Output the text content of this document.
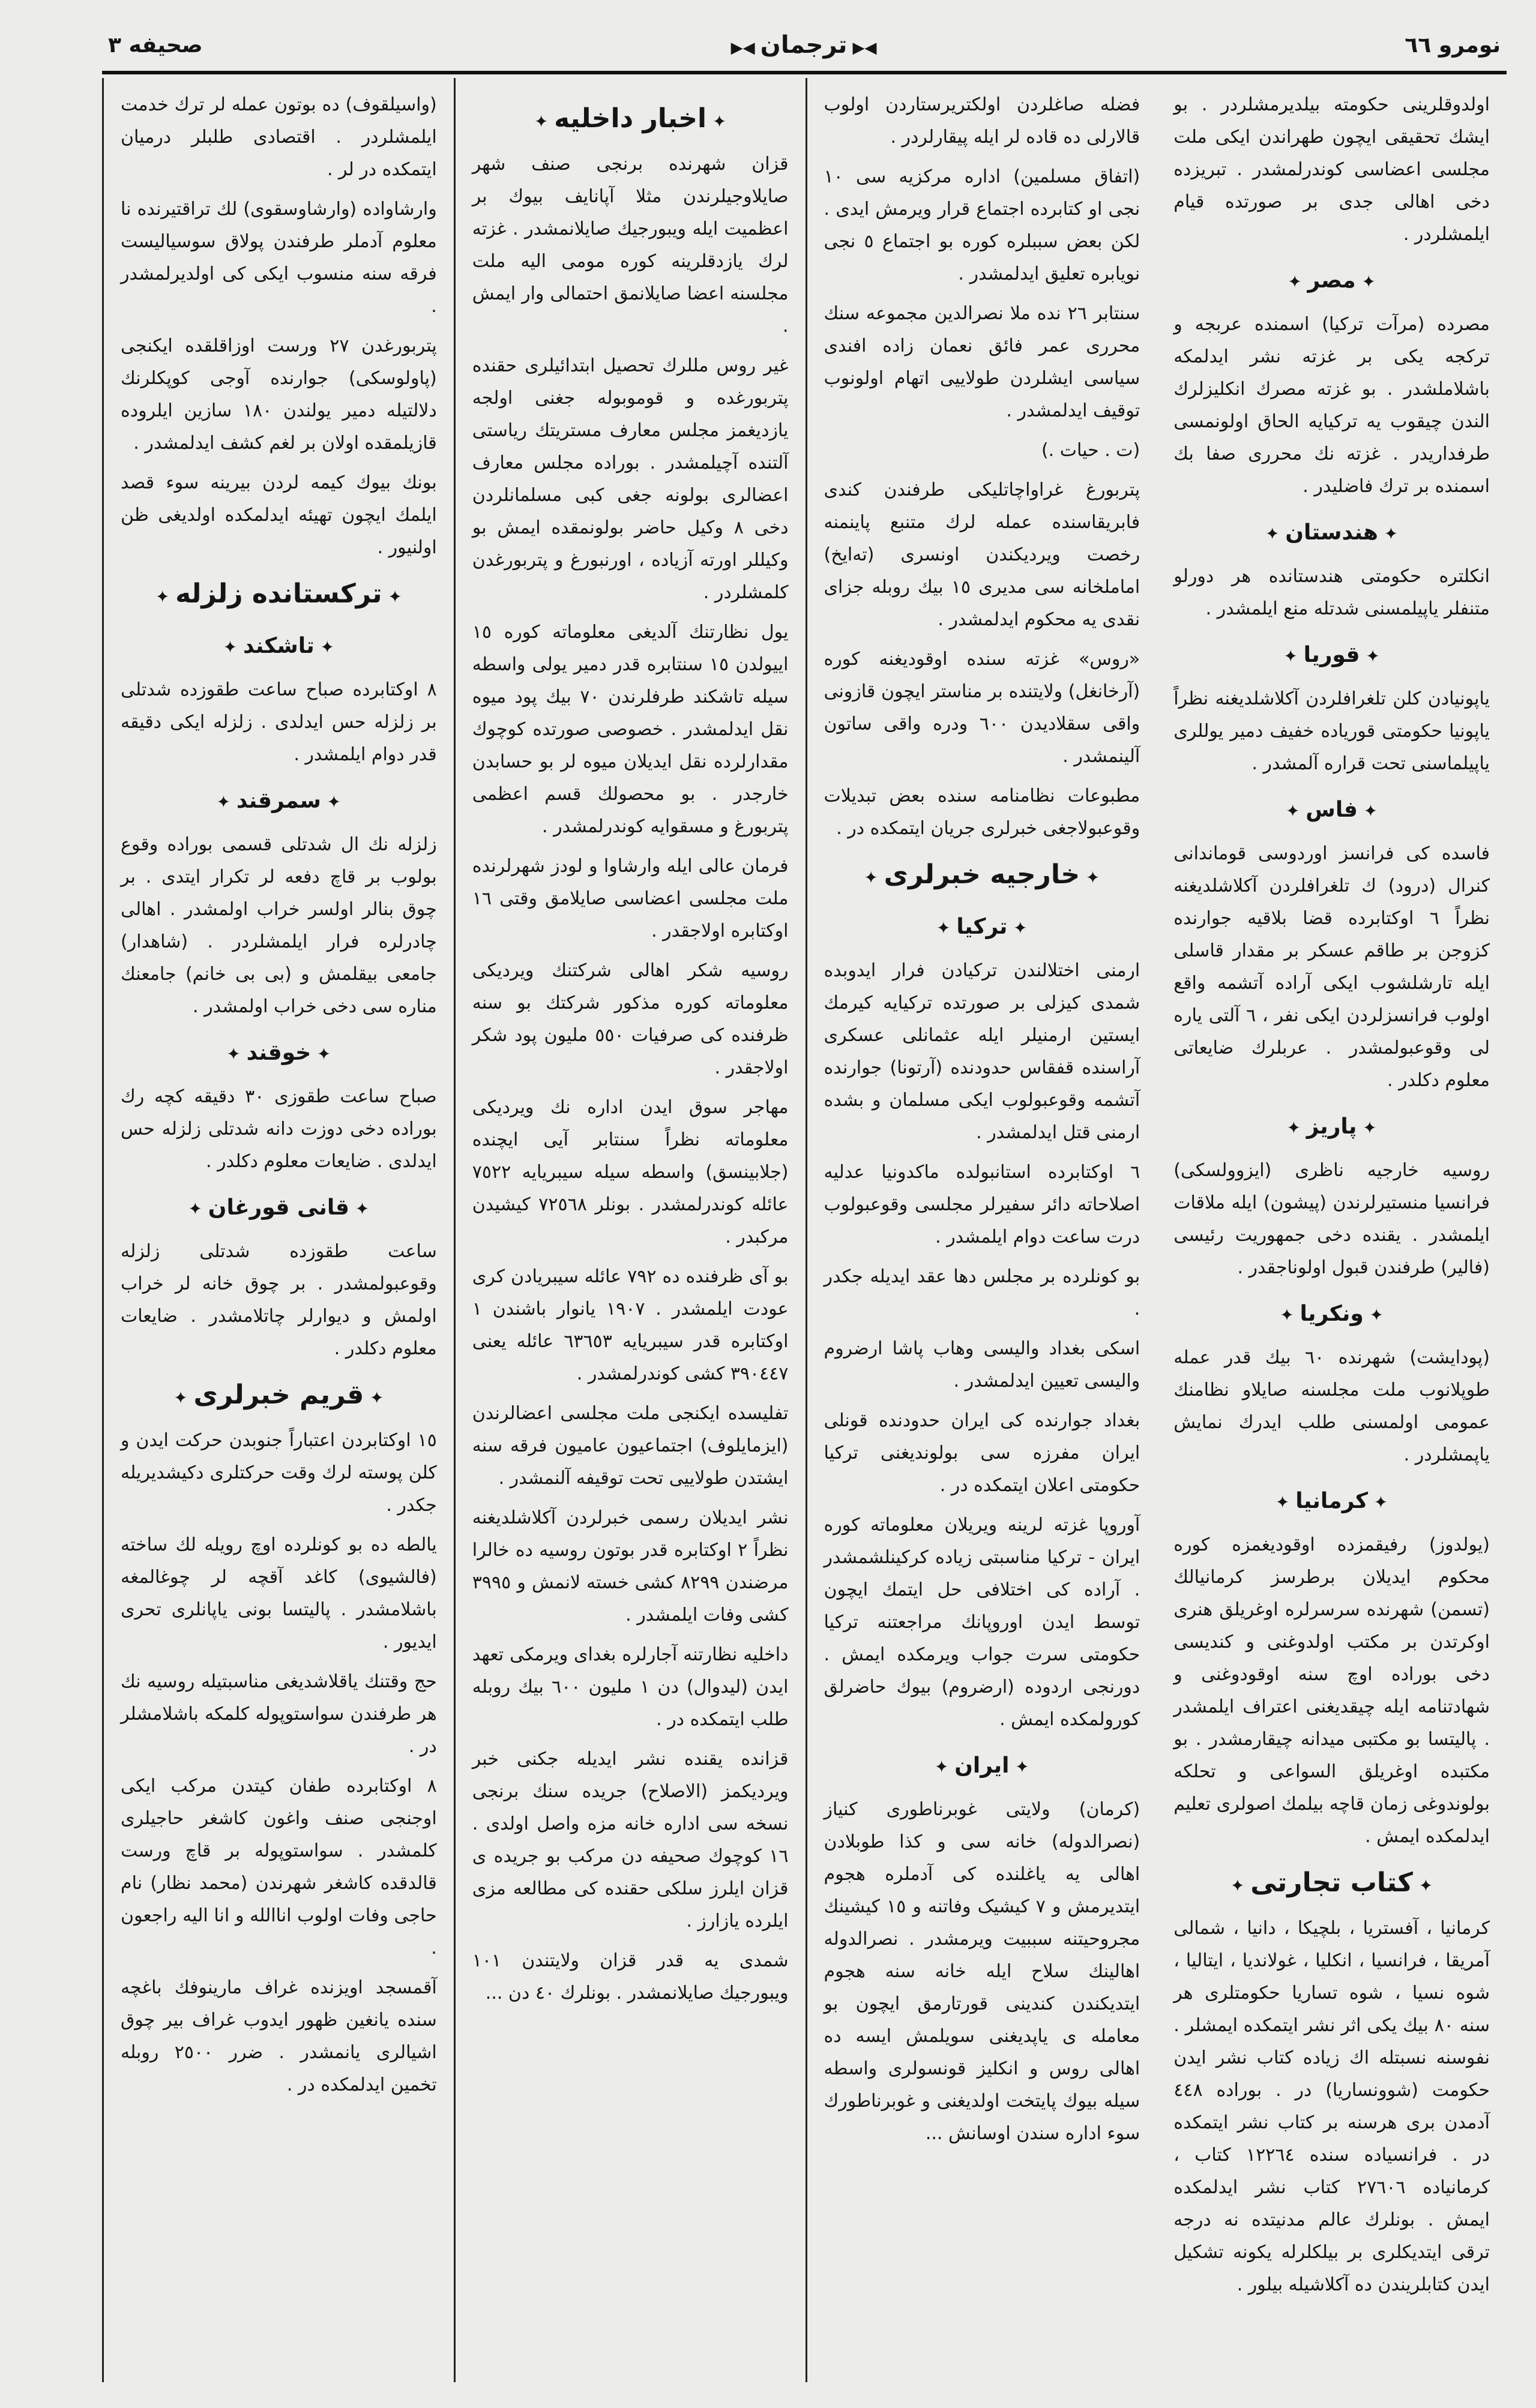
نومرو ٦٦
◀▶ ترجمان ◀▶
صحیفه ٣

(واسیلقوف) ده بوتون عمله لر ترك خدمت ایلمشلردر . اقتصادی طلبلر درمیان ایتمکده در لر .

وارشاواده (وارشاوسقوی) لك تراقتیرنده نا معلوم آدملر طرفندن پولاق سوسیالیست فرقه سنه منسوب ایکی کی اولدیرلمشدر .

پتربورغدن ٢٧ ورست اوزاقلقده ایکنجی (پاولوسکی) جوارنده آوجی کوپکلرنك دلالتیله دمیر یولندن ١٨٠ سازین ایلروده قازیلمقده اولان بر لغم کشف ایدلمشدر .

بونك بیوك کیمه لردن بیرینه سوء قصد ایلمك ایچون تهیئه ایدلمکده اولدیغی ظن اولنیور .

✦ ترکستانده زلزله ✦
✦ تاشکند ✦

٨ اوکتابرده صباح ساعت طقوزده شدتلی بر زلزله حس ایدلدی . زلزله ایکی دقیقه قدر دوام ایلمشدر .

✦ سمرقند ✦

زلزله نك ال شدتلی قسمی بوراده وقوع بولوب بر قاچ دفعه لر تکرار ایتدی . بر چوق بنالر اولسر خراب اولمشدر . اهالی چادرلره فرار ایلمشلردر . (شاهدار) جامعی بیقلمش و (بی بی خانم) جامعنك مناره سی دخی خراب اولمشدر .

✦ خوقند ✦

صباح ساعت طقوزی ٣٠ دقیقه کچه رك بوراده دخی دوزت دانه شدتلی زلزله حس ایدلدی . ضایعات معلوم دکلدر .

✦ قانی قورغان ✦

ساعت طقوزده شدتلی زلزله وقوعبولمشدر . بر چوق خانه لر خراب اولمش و دیوارلر چاتلامشدر . ضایعات معلوم دکلدر .

✦ قریم خبرلری ✦

١٥ اوکتابردن اعتباراً جنوبدن حرکت ایدن و کلن پوسته لرك وقت حرکتلری دکیشدیریله جکدر .

یالطه ده بو کونلرده اوچ رویله لك ساخته (فالشیوی) کاغد آقچه لر چوغالمغه باشلامشدر . پالیتسا بونی یاپانلری تحری ایدیور .

حج وقتنك یاقلاشدیغی مناسبتیله روسیه نك هر طرفندن سواستوپوله کلمکه باشلامشلر در .

٨ اوکتابرده طفان کیتدن مرکب ایکی اوجنجی صنف واغون کاشغر حاجیلری کلمشدر . سواستوپوله بر قاچ ورست قالدقده کاشغر شهرندن (محمد نظار) نام حاجی وفات اولوب اناالله و انا الیه راجعون .

آقمسجد اویزنده غراف مارینوفك باغچه سنده یانغین ظهور ایدوب غراف بیر چوق اشیالری یانمشدر . ضرر ٢٥٠٠ روبله تخمین ایدلمکده در .

✦ اخبار داخلیه ✦

قزان شهرنده برنجی صنف شهر صایلاوجیلرندن مثلا آپانایف بیوك بر اعظمیت ایله ویبورجیك صایلانمشدر . غزته لرك یازدقلرینه کوره مومی الیه ملت مجلسنه اعضا صایلانمق احتمالی وار ایمش .

غیر روس مللرك تحصیل ابتدائیلری حقنده پتربورغده و قوموبوله جغنی اولجه یازدیغمز مجلس معارف مستریتك ریاستی آلتنده آچیلمشدر . بوراده مجلس معارف اعضالری بولونه جغی کبی مسلمانلردن دخی ٨ وکیل حاضر بولونمقده ایمش بو وکیللر اورته آزیاده ، اورنبورغ و پتربورغدن کلمشلردر .

یول نظارتنك آلدیغی معلوماته کوره ١٥ اییولدن ١٥ سنتابره قدر دمیر یولی واسطه سیله تاشکند طرفلرندن ٧٠ بیك پود میوه نقل ایدلمشدر . خصوصی صورتده کوچوك مقدارلرده نقل ایدیلان میوه لر بو حسابدن خارجدر . بو محصولك قسم اعظمی پتربورغ و مسقوایه کوندرلمشدر .

فرمان عالی ایله وارشاوا و لودز شهرلرنده ملت مجلسی اعضاسی صایلامق وقتی ١٦ اوکتابره اولاجقدر .

روسیه شکر اهالی شرکتنك ویردیکی معلوماته کوره مذکور شرکتك بو سنه ظرفنده کی صرفیات ٥٥٠ ملیون پود شکر اولاجقدر .

مهاجر سوق ایدن اداره نك ویردیکی معلوماته نظراً سنتابر آیی ایچنده (جلابینسق) واسطه سیله سیبریایه ٧٥٢٢ عائله کوندرلمشدر . بونلر ٧٢٥٦٨ کیشیدن مرکبدر .

بو آی ظرفنده ده ٧٩٢ عائله سیبریادن کری عودت ایلمشدر . ١٩٠٧ یانوار باشندن ١ اوکتابره قدر سیبریایه ٦٣٦٥٣ عائله یعنی ٣٩٠٤٤٧ کشی کوندرلمشدر .

تفلیسده ایکنجی ملت مجلسی اعضالرندن (ایزمایلوف) اجتماعیون عامیون فرقه سنه ایشتدن طولاییی تحت توقیفه آلنمشدر .

نشر ایدیلان رسمی خبرلردن آکلاشلدیغنه نظراً ٢ اوکتابره قدر بوتون روسیه ده خالرا مرضندن ٨٢٩٩ کشی خسته لانمش و ٣٩٩٥ کشی وفات ایلمشدر .

داخلیه نظارتنه آجارلره بغدای ویرمکی تعهد ایدن (لیدوال) دن ١ ملیون ٦٠٠ بیك روبله طلب ایتمکده در .

قزانده یقنده نشر ایدیله جکنی خبر ویردیکمز (الاصلاح) جریده سنك برنجی نسخه سی اداره خانه مزه واصل اولدی . ١٦ کوچوك صحیفه دن مرکب بو جریده ی قزان ایلرز سلکی حقنده کی مطالعه مزی ایلرده یازارز .

شمدی یه قدر قزان ولایتندن ١٠١ ویبورجیك صایلانمشدر . بونلرك ٤٠ دن ...

فضله صاغلردن اولکتریرستاردن اولوب قالارلی ده قاده لر ایله پیقارلردر .

(اتفاق مسلمین) اداره مرکزیه سی ١٠ نجی او کتابرده اجتماع قرار ویرمش ایدی . لکن بعض سببلره کوره بو اجتماع ٥ نجی نویابره تعلیق ایدلمشدر .

سنتابر ٢٦ نده ملا نصرالدین مجموعه سنك محرری عمر فائق نعمان زاده افندی سیاسی ایشلردن طولاییی اتهام اولونوب توقیف ایدلمشدر .

(ت . حیات .)

پتربورغ غراواچاتلیکی طرفندن کندی فابریقاسنده عمله لرك متنبع پاینمنه رخصت ویردیکندن اونسری (تەایخ) اماملخانه سی مدیری ١٥ بیك روبله جزای نقدی یه محکوم ایدلمشدر .

«روس» غزته سنده اوقودیغنه کوره (آرخانغل) ولایتنده بر مناستر ایچون قازونی واقی سقلادیدن ٦٠٠ ودره واقی ساتون آلینمشدر .

مطبوعات نظامنامه سنده بعض تبدیلات وقوعبولاجغی خبرلری جریان ایتمکده در .

✦ خارجیه خبرلری ✦
✦ ترکیا ✦

ارمنی اختلالندن ترکیادن فرار ایدوبده شمدی کیزلی بر صورتده ترکیایه کیرمك ایستین ارمنیلر ایله عثمانلی عسکری آراسنده قفقاس حدودنده (آرتونا) جوارنده آتشمه وقوعبولوب ایکی مسلمان و بشده ارمنی قتل ایدلمشدر .

٦ اوکتابرده استانبولده ماکدونیا عدلیه اصلاحاته دائر سفیرلر مجلسی وقوعبولوب درت ساعت دوام ایلمشدر .

بو کونلرده بر مجلس دها عقد ایدیله جکدر .

اسکی بغداد والیسی وهاب پاشا ارضروم والیسی تعیین ایدلمشدر .

بغداد جوارنده کی ایران حدودنده قونلی ایران مفرزه سی بولوندیغنی ترکیا حکومتی اعلان ایتمکده در .

آوروپا غزته لرینه ویریلان معلوماته کوره ایران - ترکیا مناسبتی زیاده کرکینلشمشدر . آراده کی اختلافی حل ایتمك ایچون توسط ایدن اوروپانك مراجعتنه ترکیا حکومتی سرت جواب ویرمکده ایمش . دورنجی اردوده (ارضروم) بیوك حاضرلق کورولمکده ایمش .

✦ ایران ✦

(کرمان) ولایتی غوبرناطوری کنیاز (نصرالدوله) خانه سی و کذا طوبلادن اهالی یه یاغلنده کی آدملره هجوم ایتدیرمش و ٧ کیشیک وفاتنه و ١٥ کیشینك مجروحیتنه سببیت ویرمشدر . نصرالدوله اهالینك سلاح ایله خانه سنه هجوم ایتدیکندن کندینی قورتارمق ایچون بو معامله ی یاپدیغنی سویلمش ایسه ده اهالی روس و انکلیز قونسولری واسطه سیله بیوك پایتخت اولدیغنی و غوبرناطورك سوء اداره سندن اوسانش ...

اولدوقلرینی حکومته بیلدیرمشلردر . بو ایشك تحقیقی ایچون طهراندن ایکی ملت مجلسی اعضاسی کوندرلمشدر . تبریزده دخی اهالی جدی بر صورتده قیام ایلمشلردر .

✦ مصر ✦

مصرده (مرآت ترکیا) اسمنده عربجه و ترکجه یکی بر غزته نشر ایدلمکه باشلاملشدر . بو غزته مصرك انکلیزلرك الندن چیقوب یه ترکیایه الحاق اولونمسی طرفداریدر . غزته نك محرری صفا بك اسمنده بر ترك فاضلیدر .

✦ هندستان ✦

انکلتره حکومتی هندستانده هر دورلو متنفلر یاپیلمسنی شدتله منع ایلمشدر .

✦ قوریا ✦

یاپونیادن کلن تلغرافلردن آکلاشلدیغنه نظراً یاپونیا حکومتی قوریاده خفیف دمیر یوللری یاپیلماسنی تحت قراره آلمشدر .

✦ فاس ✦

فاسده کی فرانسز اوردوسی قوماندانی کنرال (درود) ك تلغرافلردن آکلاشلدیغنه نظراً ٦ اوکتابرده قضا بلاقیه جوارنده کزوجن بر طاقم عسکر بر مقدار قاسلی ایله تارشلشوب ایکی آراده آتشمه واقع اولوب فرانسزلردن ایکی نفر ، ٦ آلتی یاره لی وقوعبولمشدر . عربلرك ضایعاتی معلوم دکلدر .

✦ پاریز ✦

روسیه خارجیه ناظری (ایزوولسکی) فرانسیا منستیرلرندن (پیشون) ایله ملاقات ایلمشدر . یقنده دخی جمهوریت رئیسی (فالیر) طرفندن قبول اولوناجقدر .

✦ ونکریا ✦

(پودایشت) شهرنده ٦٠ بیك قدر عمله طوپلانوب ملت مجلسنه صایلاو نظامنك عمومی اولمسنی طلب ایدرك نمایش یاپمشلردر .

✦ کرمانیا ✦

(یولدوز) رفیقمزده اوقودیغمزه کوره محکوم ایدیلان برطرسز کرمانیالك (تسمن) شهرنده سرسرلره اوغریلق هنری اوکرتدن بر مکتب اولدوغنی و کندیسی دخی بوراده اوچ سنه اوقودوغنی و شهادتنامه ایله چیقدیغنی اعتراف ایلمشدر . پالیتسا بو مکتبی میدانه چیقارمشدر . بو مکتبده اوغریلق السواعی و تحلکه بولوندوغی زمان قاچه بیلمك اصولری تعلیم ایدلمکده ایمش .

✦ کتاب تجارتی ✦

کرمانیا ، آفستریا ، بلچیکا ، دانیا ، شمالی آمریقا ، فرانسیا ، انکلیا ، غولاندیا ، ایتالیا ، شوه نسیا ، شوه تساریا حکومتلری هر سنه ٨٠ بیك یکی اثر نشر ایتمکده ایمشلر . نفوسنه نسبتله اك زیاده کتاب نشر ایدن حکومت (شوونساریا) در . بوراده ٤٤٨ آدمدن بری هرسنه بر کتاب نشر ایتمکده در . فرانسیاده سنده ١٢٢٦٤ کتاب ، کرمانیاده ٢٧٦٠٦ کتاب نشر ایدلمکده ایمش . بونلرك عالم مدنیتده نه درجه ترقی ایتدیکلری بر بیلکلرله یکونه تشکیل ایدن کتابلریندن ده آکلاشیله بیلور .
